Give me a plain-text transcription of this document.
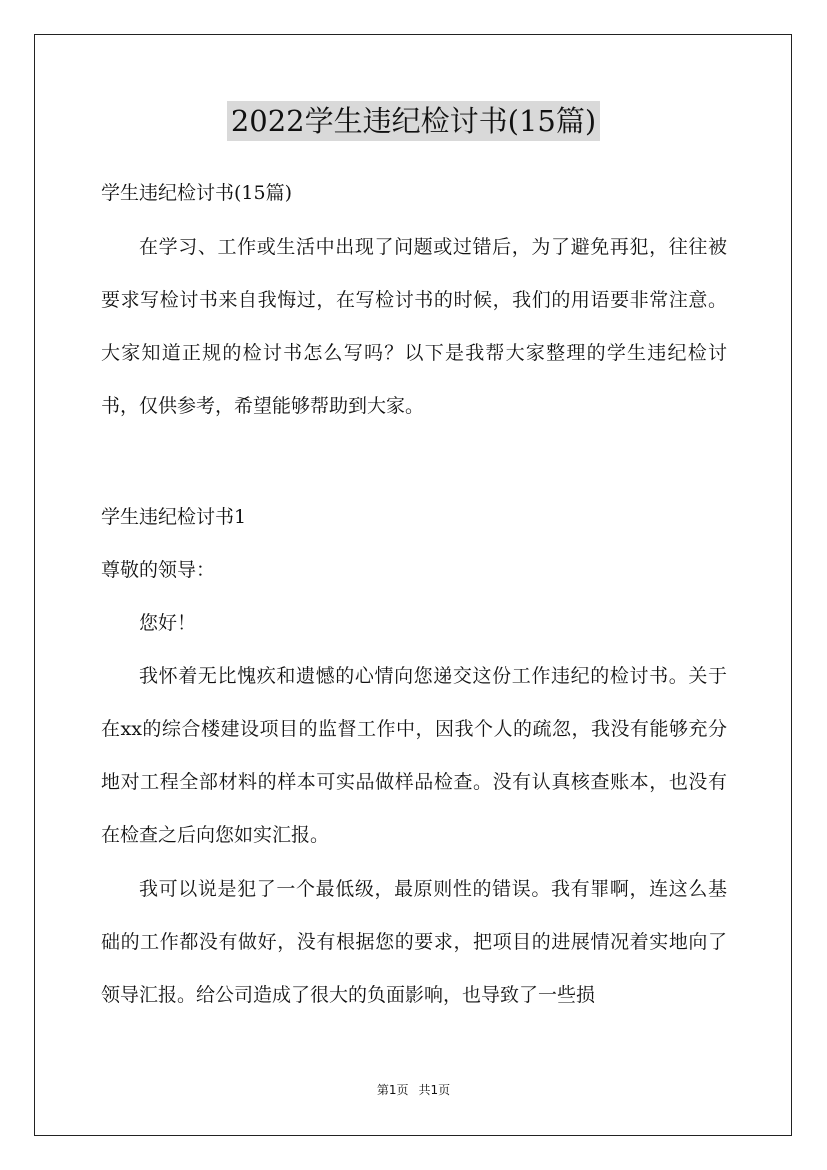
2022学生违纪检讨书(15篇)

学生违纪检讨书(15篇)

在学习、工作或生活中出现了问题或过错后，为了避免再犯，往往被要求写检讨书来自我悔过，在写检讨书的时候，我们的用语要非常注意。大家知道正规的检讨书怎么写吗？以下是我帮大家整理的学生违纪检讨书，仅供参考，希望能够帮助到大家。

学生违纪检讨书1

尊敬的领导：

您好！

我怀着无比愧疚和遗憾的心情向您递交这份工作违纪的检讨书。关于在xx的综合楼建设项目的监督工作中，因我个人的疏忽，我没有能够充分地对工程全部材料的样本可实品做样品检查。没有认真核查账本，也没有在检查之后向您如实汇报。

我可以说是犯了一个最低级，最原则性的错误。我有罪啊，连这么基础的工作都没有做好，没有根据您的要求，把项目的进展情况着实地向了领导汇报。给公司造成了很大的负面影响，也导致了一些损

第1页 共1页
